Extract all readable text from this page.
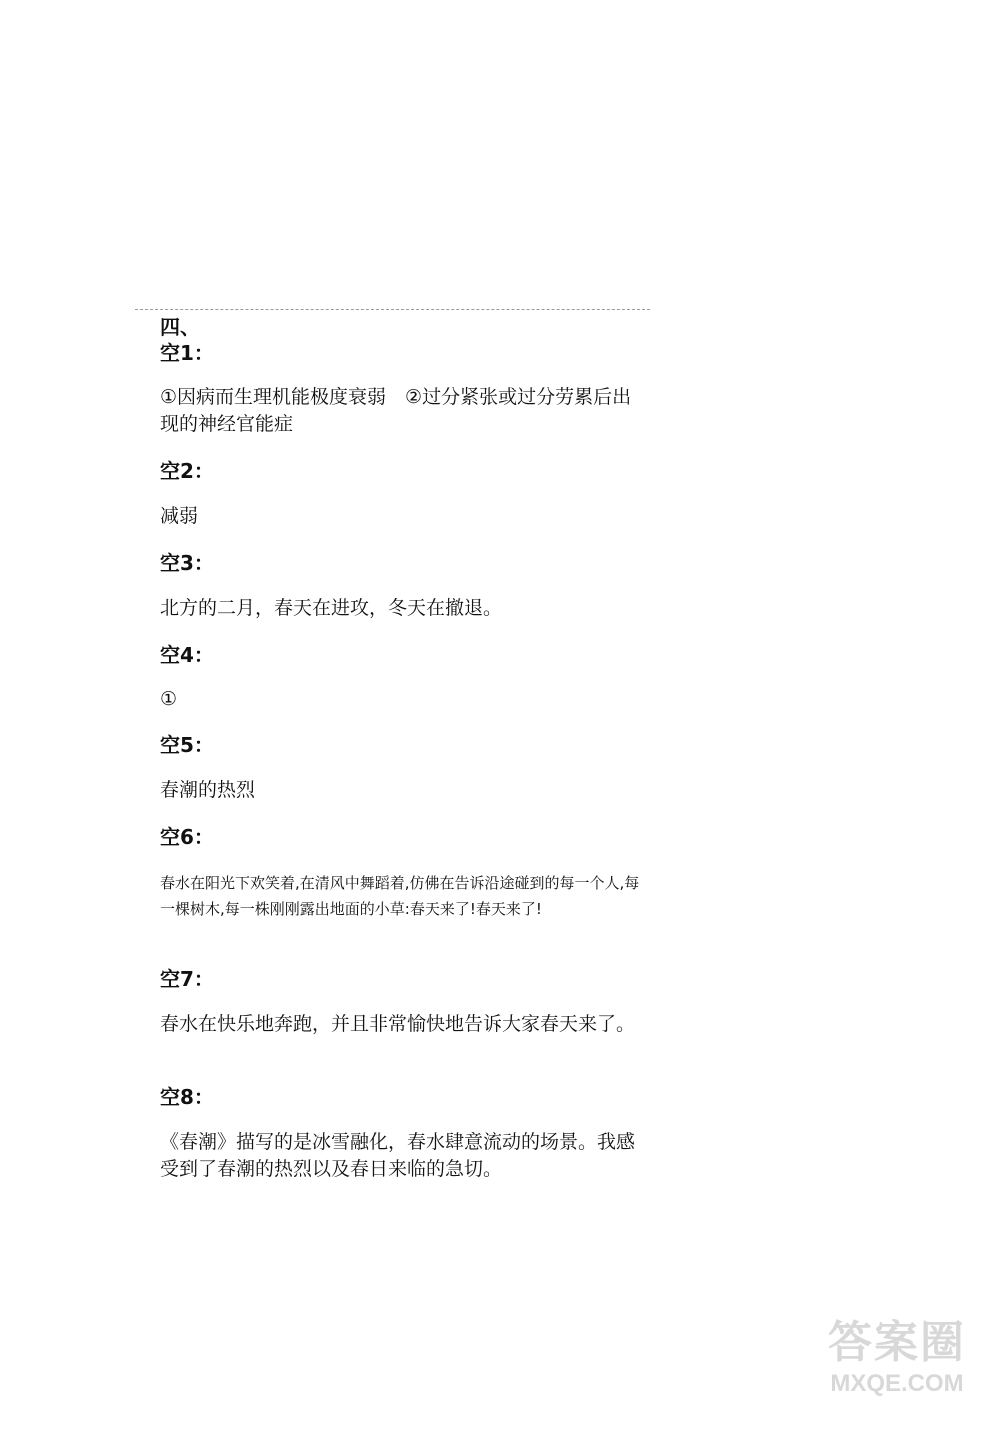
四、
空1：

①因病而生理机能极度衰弱　②过分紧张或过分劳累后出现的神经官能症

空2：

减弱

空3：

北方的二月，春天在进攻，冬天在撤退。

空4：

①

空5：

春潮的热烈

空6：

春水在阳光下欢笑着,在清风中舞蹈着,仿佛在告诉沿途碰到的每一个人,每一棵树木,每一株刚刚露出地面的小草:春天来了!春天来了!

空7：

春水在快乐地奔跑，并且非常愉快地告诉大家春天来了。

空8：

《春潮》描写的是冰雪融化，春水肆意流动的场景。我感受到了春潮的热烈以及春日来临的急切。

答案圈
MXQE.COM
